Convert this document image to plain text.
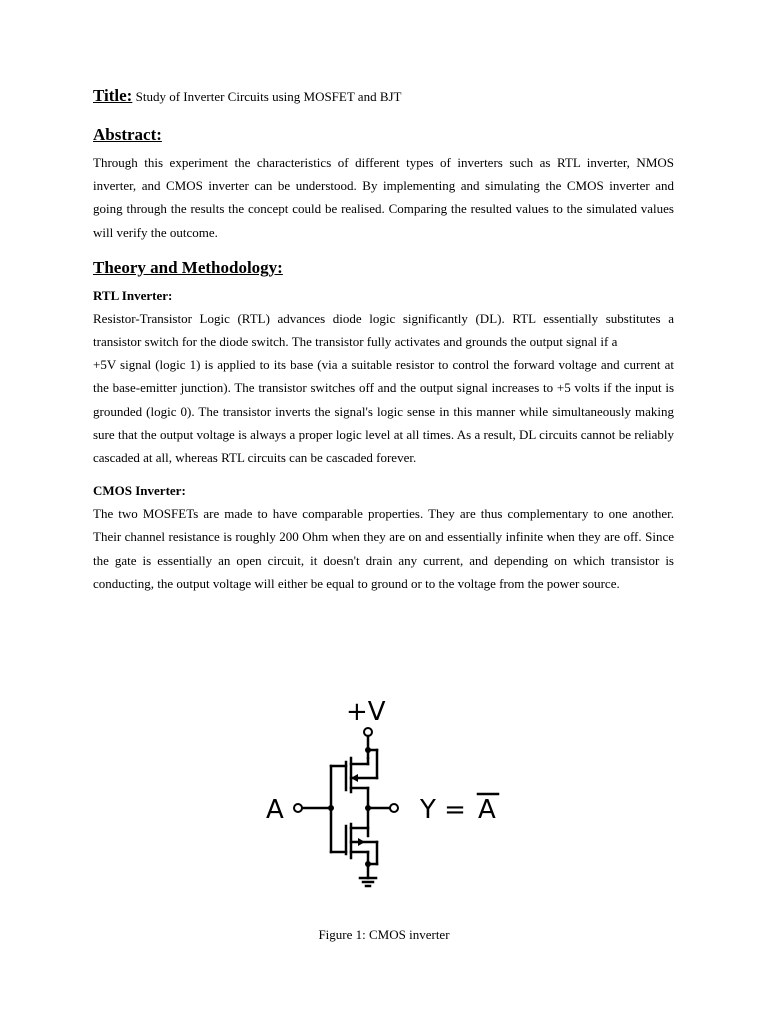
Title: Study of Inverter Circuits using MOSFET and BJT

Abstract:

Through this experiment the characteristics of different types of inverters such as RTL inverter, NMOS inverter, and CMOS inverter can be understood. By implementing and simulating the CMOS inverter and going through the results the concept could be realised. Comparing the resulted values to the simulated values will verify the outcome.

Theory and Methodology:

RTL Inverter:

Resistor-Transistor Logic (RTL) advances diode logic significantly (DL). RTL essentially substitutes a transistor switch for the diode switch. The transistor fully activates and grounds the output signal if a

+5V signal (logic 1) is applied to its base (via a suitable resistor to control the forward voltage and current at the base-emitter junction). The transistor switches off and the output signal increases to +5 volts if the input is grounded (logic 0). The transistor inverts the signal's logic sense in this manner while simultaneously making sure that the output voltage is always a proper logic level at all times. As a result, DL circuits cannot be reliably cascaded at all, whereas RTL circuits can be cascaded forever.

CMOS Inverter:

The two MOSFETs are made to have comparable properties. They are thus complementary to one another. Their channel resistance is roughly 200 Ohm when they are on and essentially infinite when they are off. Since the gate is essentially an open circuit, it doesn't drain any current, and depending on which transistor is conducting, the output voltage will either be equal to ground or to the voltage from the power source.

+V
A	Y = A
Figure 1: CMOS inverter
